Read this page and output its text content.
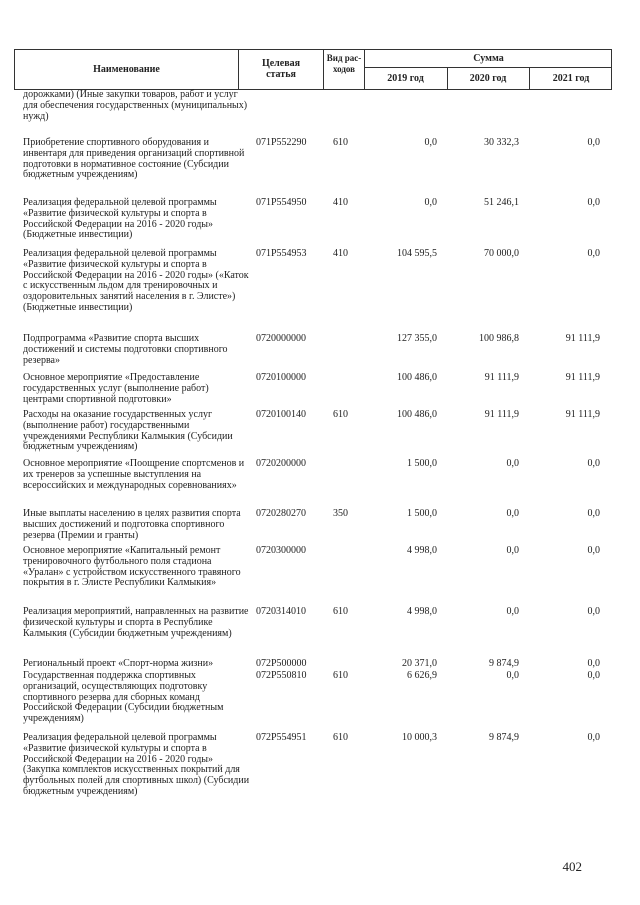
Наименование
Целевая статья
Вид рас-ходов
Сумма
2019 год	2020 год	2021 год
дорожками) (Иные закупки товаров, работ и услуг для обеспечения государственных (муниципальных) нужд)
Приобретение спортивного оборудования и инвентаря для приведения организаций спортивной подготовки в нормативное состояние (Субсидии бюджетным учреждениям)
071P552290	610	0,0	30 332,3	0,0
Реализация федеральной целевой программы «Развитие физической культуры и спорта в Российской Федерации на 2016 - 2020 годы» (Бюджетные инвестиции)
071P554950	410	0,0	51 246,1	0,0
Реализация федеральной целевой программы «Развитие физической культуры и спорта в Российской Федерации на 2016 - 2020 годы» («Каток с искусственным льдом для тренировочных и оздоровительных занятий населения в г. Элисте») (Бюджетные инвестиции)
071P554953	410	104 595,5	70 000,0	0,0
Подпрограмма «Развитие спорта высших достижений и системы подготовки спортивного резерва»
0720000000	127 355,0	100 986,8	91 111,9
Основное мероприятие «Предоставление государственных услуг (выполнение работ) центрами спортивной подготовки»
0720100000	100 486,0	91 111,9	91 111,9
Расходы на оказание государственных услуг (выполнение работ) государственными учреждениями Республики Калмыкия (Субсидии бюджетным учреждениям)
0720100140	610	100 486,0	91 111,9	91 111,9
Основное мероприятие «Поощрение спортсменов и их тренеров за успешные выступления на всероссийских и международных соревнованиях»
0720200000	1 500,0	0,0	0,0
Иные выплаты населению в целях развития спорта высших достижений и подготовка спортивного резерва (Премии и гранты)
0720280270	350	1 500,0	0,0	0,0
Основное мероприятие «Капитальный ремонт тренировочного футбольного поля стадиона «Уралан» с устройством искусственного травяного покрытия в г. Элисте Республики Калмыкия»
0720300000	4 998,0	0,0	0,0
Реализация мероприятий, направленных на развитие физической культуры и спорта в Республике Калмыкия (Субсидии бюджетным учреждениям)
0720314010	610	4 998,0	0,0	0,0
Региональный проект «Спорт-норма жизни»	072P500000	20 371,0	9 874,9	0,0
Государственная поддержка спортивных организаций, осуществляющих подготовку спортивного резерва для сборных команд Российской Федерации (Субсидии бюджетным учреждениям)
072P550810	610	6 626,9	0,0	0,0
Реализация федеральной целевой программы «Развитие физической культуры и спорта в Российской Федерации на 2016 - 2020 годы» (Закупка комплектов искусственных покрытий для футбольных полей для спортивных школ) (Субсидии бюджетным учреждениям)
072P554951	610	10 000,3	9 874,9	0,0
402
